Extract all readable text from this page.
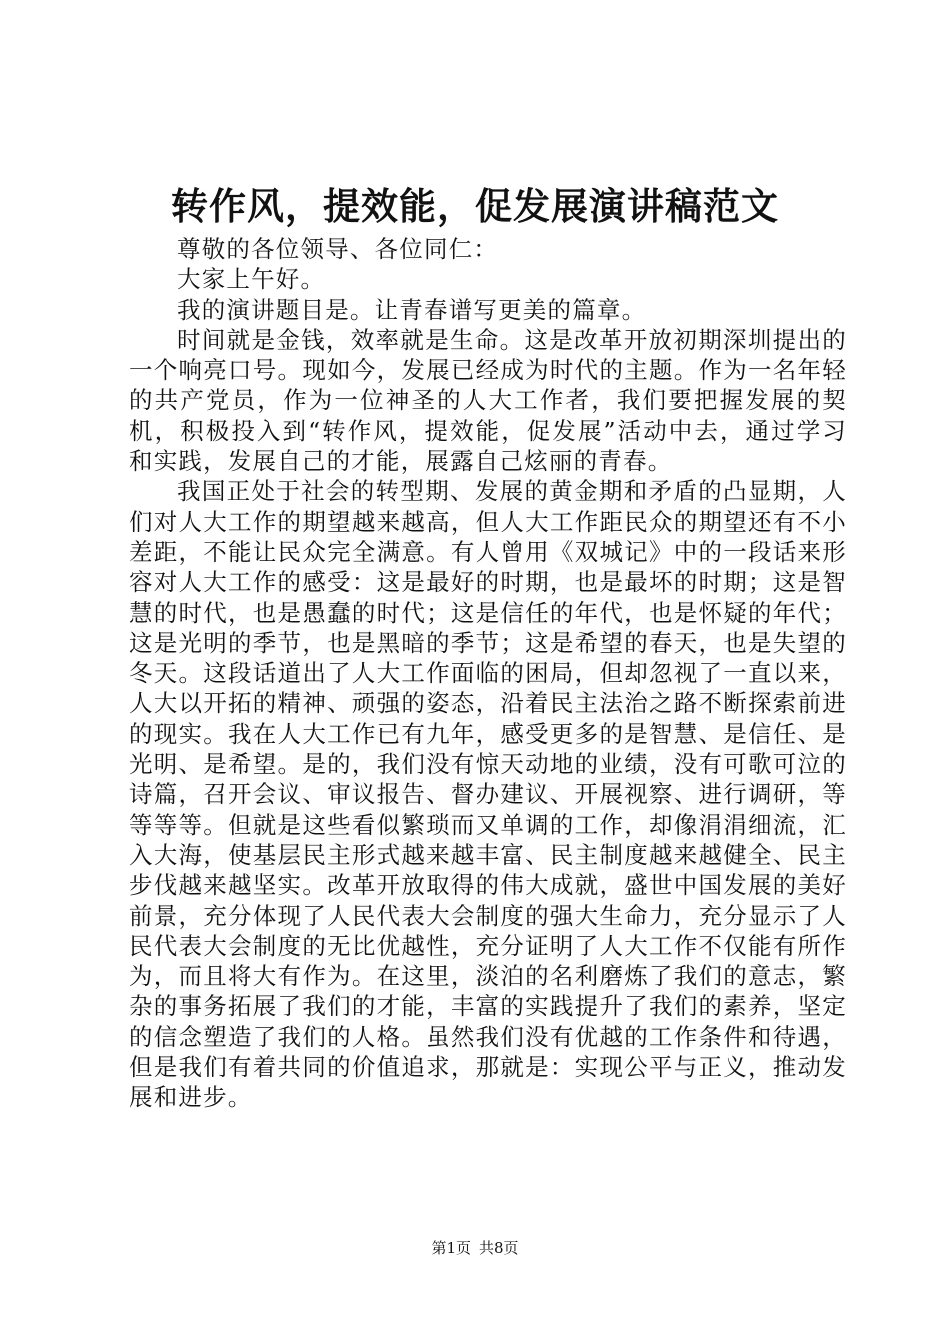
转作风，提效能，促发展演讲稿范文

尊敬的各位领导、各位同仁：

大家上午好。

我的演讲题目是。让青春谱写更美的篇章。

时间就是金钱，效率就是生命。这是改革开放初期深圳提出的一个响亮口号。现如今，发展已经成为时代的主题。作为一名年轻的共产党员，作为一位神圣的人大工作者，我们要把握发展的契机，积极投入到“转作风，提效能，促发展”活动中去，通过学习和实践，发展自己的才能，展露自己炫丽的青春。

我国正处于社会的转型期、发展的黄金期和矛盾的凸显期，人们对人大工作的期望越来越高，但人大工作距民众的期望还有不小差距，不能让民众完全满意。有人曾用《双城记》中的一段话来形容对人大工作的感受：这是最好的时期，也是最坏的时期；这是智慧的时代，也是愚蠢的时代；这是信任的年代，也是怀疑的年代；这是光明的季节，也是黑暗的季节；这是希望的春天，也是失望的冬天。这段话道出了人大工作面临的困局，但却忽视了一直以来，人大以开拓的精神、顽强的姿态，沿着民主法治之路不断探索前进的现实。我在人大工作已有九年，感受更多的是智慧、是信任、是光明、是希望。是的，我们没有惊天动地的业绩，没有可歌可泣的诗篇，召开会议、审议报告、督办建议、开展视察、进行调研，等等等等。但就是这些看似繁琐而又单调的工作，却像涓涓细流，汇入大海，使基层民主形式越来越丰富、民主制度越来越健全、民主步伐越来越坚实。改革开放取得的伟大成就，盛世中国发展的美好前景，充分体现了人民代表大会制度的强大生命力，充分显示了人民代表大会制度的无比优越性，充分证明了人大工作不仅能有所作为，而且将大有作为。在这里，淡泊的名利磨炼了我们的意志，繁杂的事务拓展了我们的才能，丰富的实践提升了我们的素养，坚定的信念塑造了我们的人格。虽然我们没有优越的工作条件和待遇，但是我们有着共同的价值追求，那就是：实现公平与正义，推动发展和进步。

第1页 共8页
